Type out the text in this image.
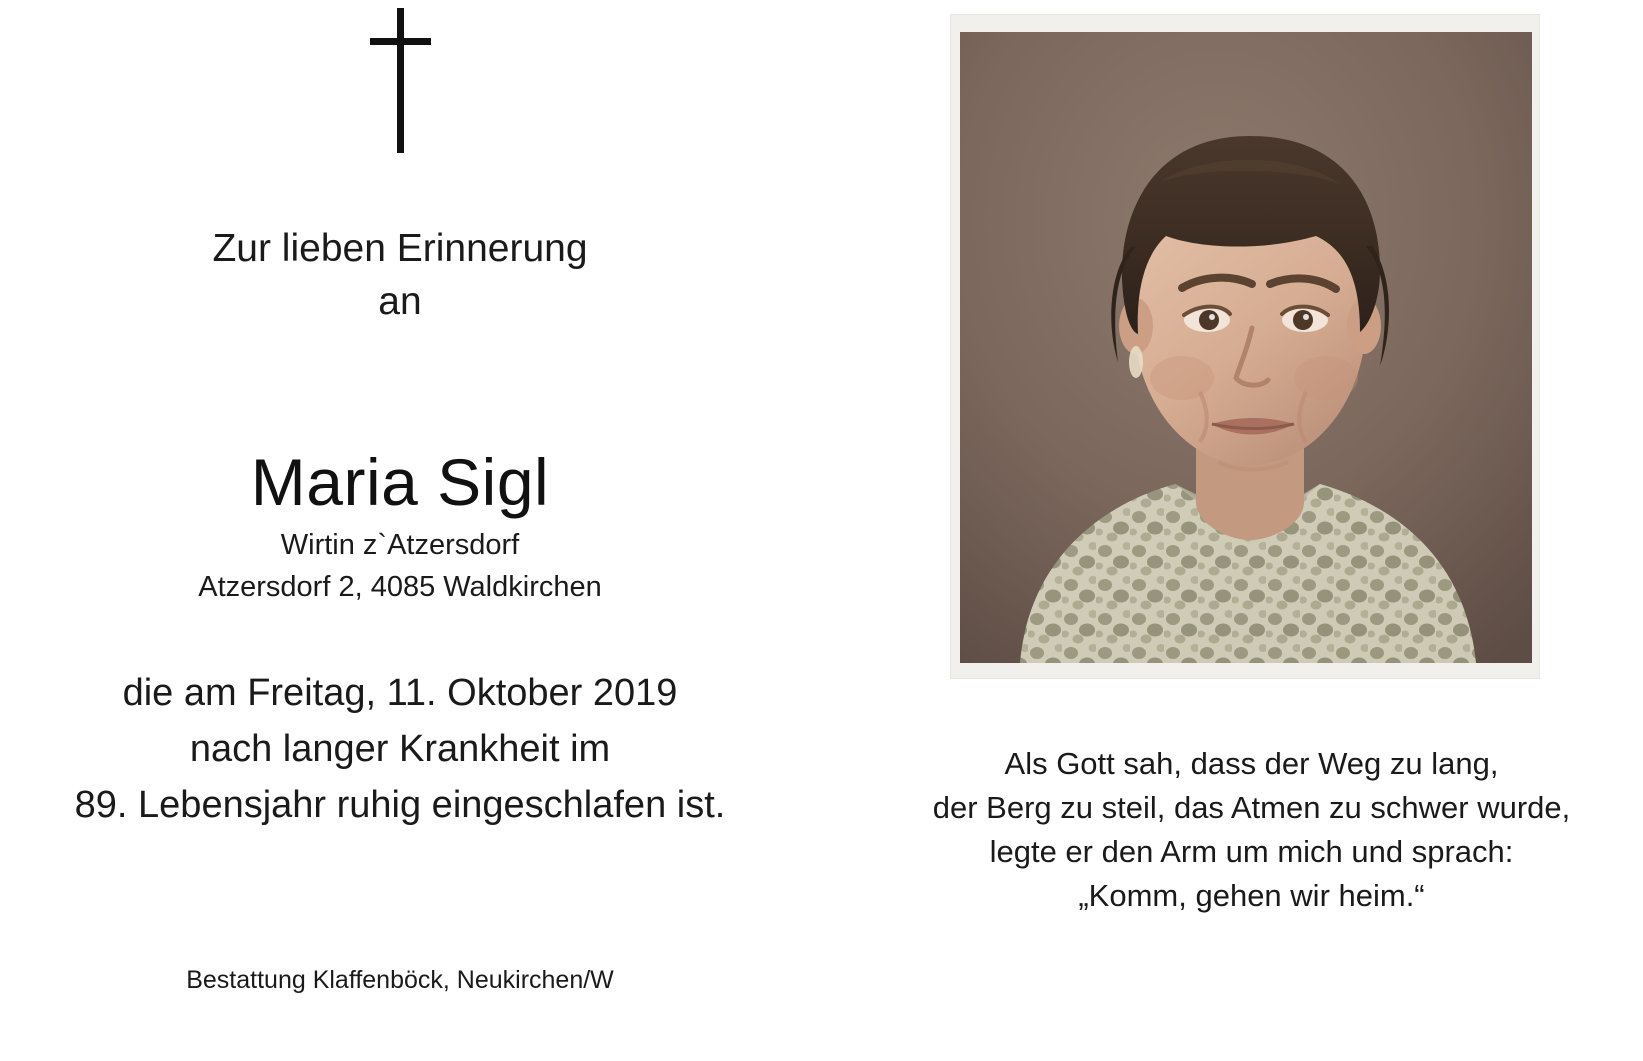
Zur lieben Erinnerung
an
Maria Sigl
Wirtin z`Atzersdorf
Atzersdorf 2, 4085 Waldkirchen
die am Freitag, 11. Oktober 2019
nach langer Krankheit im
89. Lebensjahr ruhig eingeschlafen ist.
Bestattung Klaffenböck, Neukirchen/W
Als Gott sah, dass der Weg zu lang,
der Berg zu steil, das Atmen zu schwer wurde,
legte er den Arm um mich und sprach:
„Komm, gehen wir heim.“
